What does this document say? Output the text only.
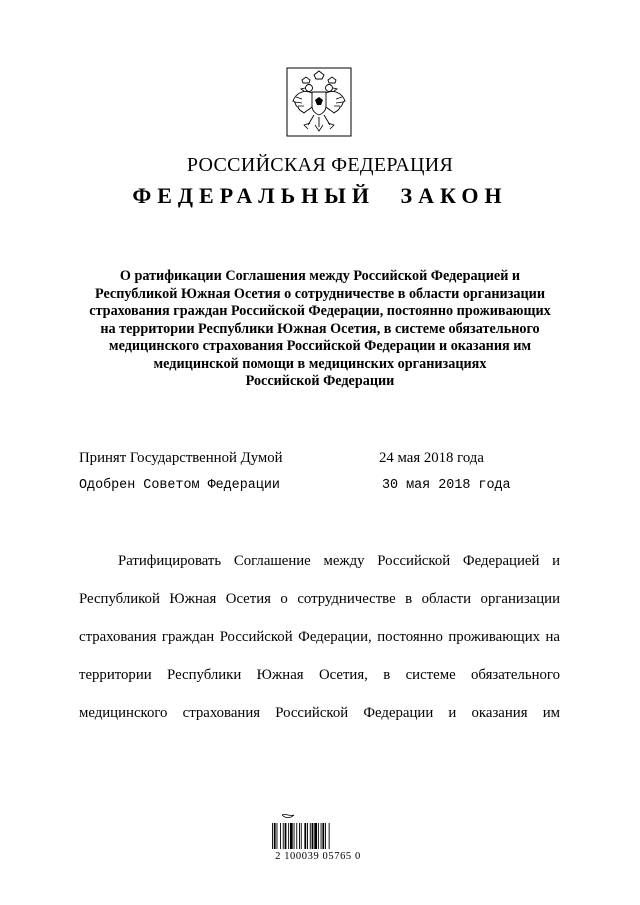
РОССИЙСКАЯ ФЕДЕРАЦИЯ
ФЕДЕРАЛЬНЫЙ ЗАКОН
О ратификации Соглашения между Российской Федерацией и
Республикой Южная Осетия о сотрудничестве в области организации
страхования граждан Российской Федерации, постоянно проживающих
на территории Республики Южная Осетия, в системе обязательного
медицинского страхования Российской Федерации и оказания им
медицинской помощи в медицинских организациях
Российской Федерации
Принят Государственной Думой	24 мая 2018 года
Одобрен Советом Федерации	30 мая 2018 года
Ратифицировать Соглашение между Российской Федерацией и
Республикой Южная Осетия о сотрудничестве в области организации
страхования граждан Российской Федерации, постоянно проживающих на
территории Республики Южная Осетия, в системе обязательного
медицинского страхования Российской Федерации и оказания им
2 100039 05765 0
